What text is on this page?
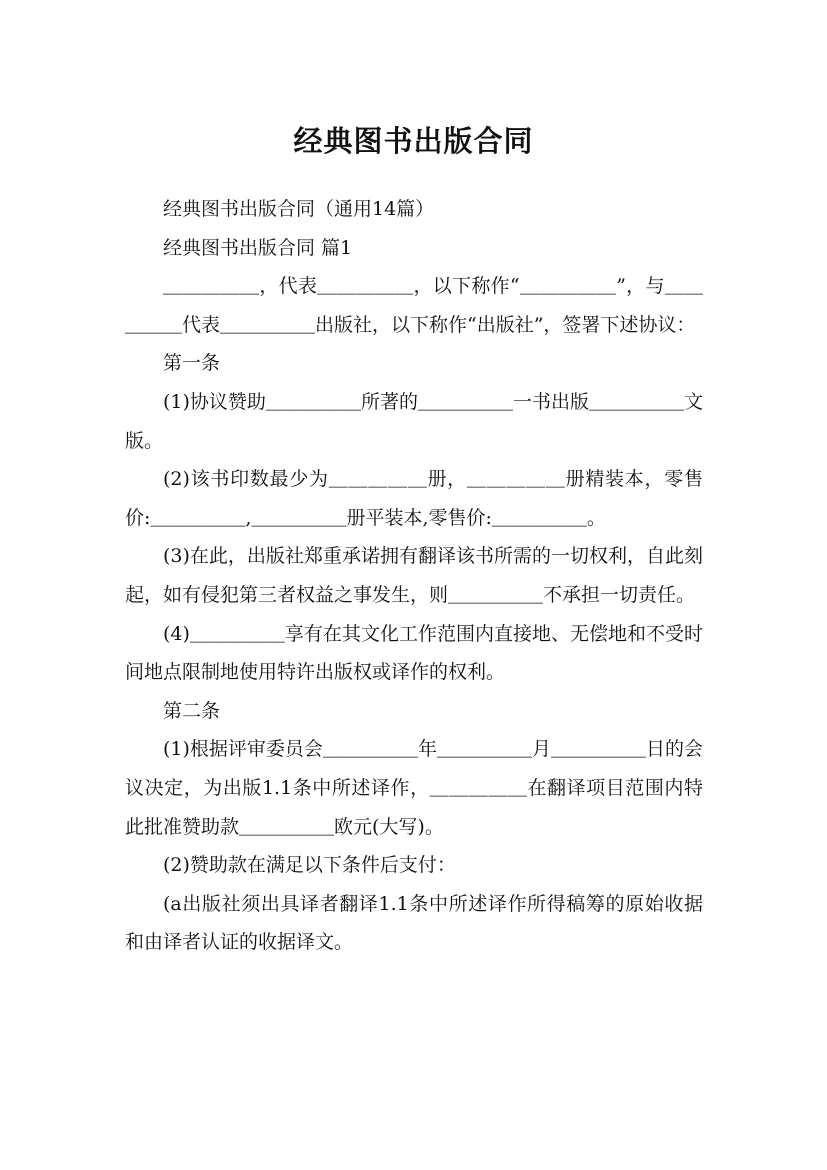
经典图书出版合同

经典图书出版合同（通用14篇）

经典图书出版合同 篇1

＿＿＿＿＿，代表＿＿＿＿＿，以下称作“＿＿＿＿＿”，与＿＿＿＿＿代表＿＿＿＿＿出版社，以下称作“出版社”，签署下述协议：

第一条

(1)协议赞助＿＿＿＿＿所著的＿＿＿＿＿一书出版＿＿＿＿＿文版。

(2)该书印数最少为＿＿＿＿＿册，＿＿＿＿＿册精装本，零售价:＿＿＿＿＿,＿＿＿＿＿册平装本,零售价:＿＿＿＿＿。

(3)在此，出版社郑重承诺拥有翻译该书所需的一切权利，自此刻起，如有侵犯第三者权益之事发生，则＿＿＿＿＿不承担一切责任。

(4)＿＿＿＿＿享有在其文化工作范围内直接地、无偿地和不受时间地点限制地使用特许出版权或译作的权利。

第二条

(1)根据评审委员会＿＿＿＿＿年＿＿＿＿＿月＿＿＿＿＿日的会议决定，为出版1.1条中所述译作，＿＿＿＿＿在翻译项目范围内特此批准赞助款＿＿＿＿＿欧元(大写)。

(2)赞助款在满足以下条件后支付：

(a出版社须出具译者翻译1.1条中所述译作所得稿筹的原始收据和由译者认证的收据译文。
